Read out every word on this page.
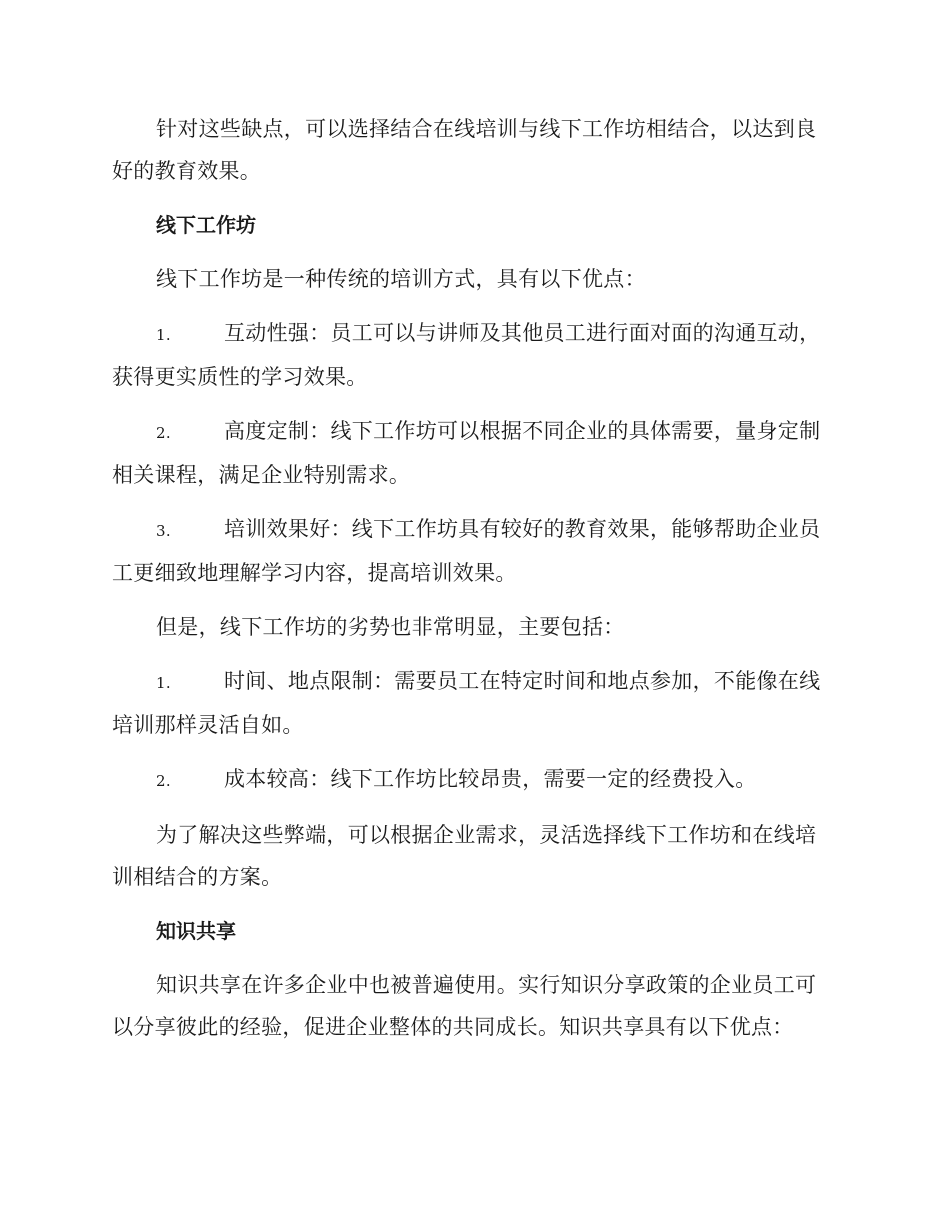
针对这些缺点，可以选择结合在线培训与线下工作坊相结合，以达到良好的教育效果。

线下工作坊

线下工作坊是一种传统的培训方式，具有以下优点：

1.	互动性强：员工可以与讲师及其他员工进行面对面的沟通互动，获得更实质性的学习效果。
2.	高度定制：线下工作坊可以根据不同企业的具体需要，量身定制相关课程，满足企业特别需求。
3.	培训效果好：线下工作坊具有较好的教育效果，能够帮助企业员工更细致地理解学习内容，提高培训效果。

但是，线下工作坊的劣势也非常明显，主要包括：

1.	时间、地点限制：需要员工在特定时间和地点参加，不能像在线培训那样灵活自如。
2.	成本较高：线下工作坊比较昂贵，需要一定的经费投入。

为了解决这些弊端，可以根据企业需求，灵活选择线下工作坊和在线培训相结合的方案。

知识共享

知识共享在许多企业中也被普遍使用。实行知识分享政策的企业员工可以分享彼此的经验，促进企业整体的共同成长。知识共享具有以下优点：
